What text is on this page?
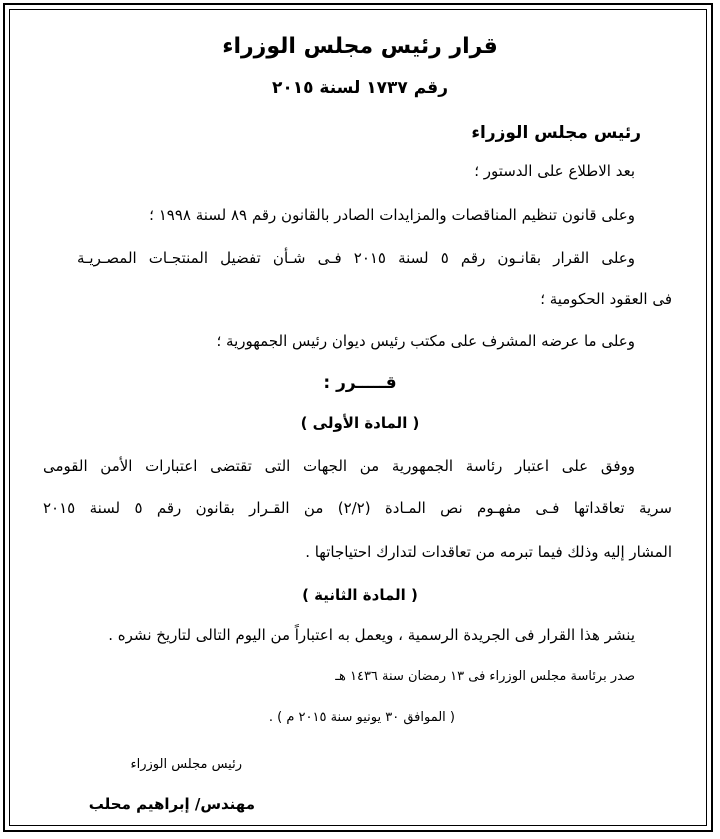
قرار رئيس مجلس الوزراء
رقم ١٧٣٧ لسنة ٢٠١٥
رئيس مجلس الوزراء
بعد الاطلاع على الدستور ؛
وعلى قانون تنظيم المناقصات والمزايدات الصادر بالقانون رقم ٨٩ لسنة ١٩٩٨ ؛
وعلى القرار بقانـون رقم ٥ لسنة ٢٠١٥ فـى شـأن تفضيل المنتجـات المصـريـة
فى العقود الحكومية ؛
وعلى ما عرضه المشرف على مكتب رئيس ديوان رئيس الجمهورية ؛
قـــــرر :
( المادة الأولى )
ووفق على اعتبار رئاسة الجمهورية من الجهات التى تقتضى اعتبارات الأمن القومى
سرية تعاقداتها فـى مفهـوم نص المـادة (٢/٢) من القـرار بقانون رقم ٥ لسنة ٢٠١٥
المشار إليه وذلك فيما تبرمه من تعاقدات لتدارك احتياجاتها .
( المادة الثانية )
ينشر هذا القرار فى الجريدة الرسمية ، ويعمل به اعتباراً من اليوم التالى لتاريخ نشره .
صدر برئاسة مجلس الوزراء فى ١٣ رمضان سنة ١٤٣٦ هـ
( الموافق ٣٠ يونيو سنة ٢٠١٥ م ) .
رئيس مجلس الوزراء
مهندس/ إبراهيم محلب
